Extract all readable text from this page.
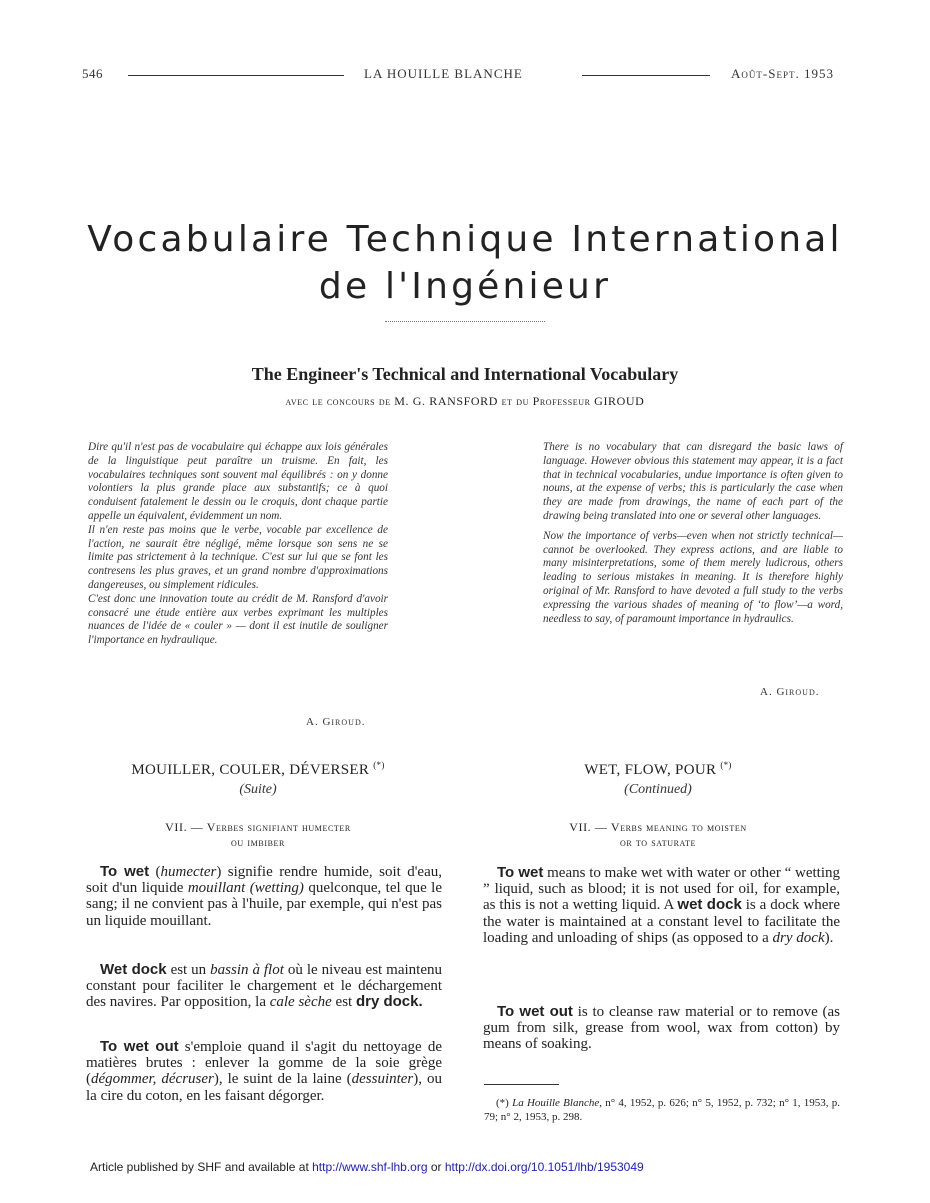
546	LA HOUILLE BLANCHE	Août-Sept. 1953
Vocabulaire Technique International
de l'Ingénieur
The Engineer's Technical and International Vocabulary
avec le concours de M. G. RANSFORD et du Professeur GIROUD

Dire qu'il n'est pas de vocabulaire qui échappe aux lois générales de la linguistique peut paraître un truisme. En fait, les vocabulaires techniques sont souvent mal équilibrés : on y donne volontiers la plus grande place aux substantifs; ce à quoi conduisent fatalement le dessin ou le croquis, dont chaque partie appelle un équivalent, évidemment un nom.

Il n'en reste pas moins que le verbe, vocable par excellence de l'action, ne saurait être négligé, même lorsque son sens ne se limite pas strictement à la technique. C'est sur lui que se font les contresens les plus graves, et un grand nombre d'approximations dangereuses, ou simplement ridicules.

C'est donc une innovation toute au crédit de M. Ransford d'avoir consacré une étude entière aux verbes exprimant les multiples nuances de l'idée de « couler » — dont il est inutile de souligner l'importance en hydraulique.

A. Giroud.

There is no vocabulary that can disregard the basic laws of language. However obvious this statement may appear, it is a fact that in technical vocabularies, undue importance is often given to nouns, at the expense of verbs; this is particularly the case when they are made from drawings, the name of each part of the drawing being translated into one or several other languages.

Now the importance of verbs—even when not strictly technical—cannot be overlooked. They express actions, and are liable to many misinterpretations, some of them merely ludicrous, others leading to serious mistakes in meaning. It is therefore highly original of Mr. Ransford to have devoted a full study to the verbs expressing the various shades of meaning of ‘to flow’—a word, needless to say, of paramount importance in hydraulics.

A. Giroud.
MOUILLER, COULER, DÉVERSER (*)
(Suite)
VII. — Verbes signifiant humecter
ou imbiber
WET, FLOW, POUR (*)
(Continued)
VII. — Verbs meaning to moisten
or to saturate
To wet (humecter) signifie rendre humide, soit d'eau, soit d'un liquide mouillant (wetting) quelconque, tel que le sang; il ne convient pas à l'huile, par exemple, qui n'est pas un liquide mouillant.
Wet dock est un bassin à flot où le niveau est maintenu constant pour faciliter le chargement et le déchargement des navires. Par opposition, la cale sèche est dry dock.
To wet out s'emploie quand il s'agit du nettoyage de matières brutes : enlever la gomme de la soie grège (dégommer, décruser), le suint de la laine (dessuinter), ou la cire du coton, en les faisant dégorger.
To wet means to make wet with water or other “ wetting ” liquid, such as blood; it is not used for oil, for example, as this is not a wetting liquid. A wet dock is a dock where the water is maintained at a constant level to facilitate the loading and unloading of ships (as opposed to a dry dock).
To wet out is to cleanse raw material or to remove (as gum from silk, grease from wool, wax from cotton) by means of soaking.
(*) La Houille Blanche, n° 4, 1952, p. 626; n° 5, 1952, p. 732; n° 1, 1953, p. 79; n° 2, 1953, p. 298.
Article published by SHF and available at http://www.shf-lhb.org or http://dx.doi.org/10.1051/lhb/1953049
